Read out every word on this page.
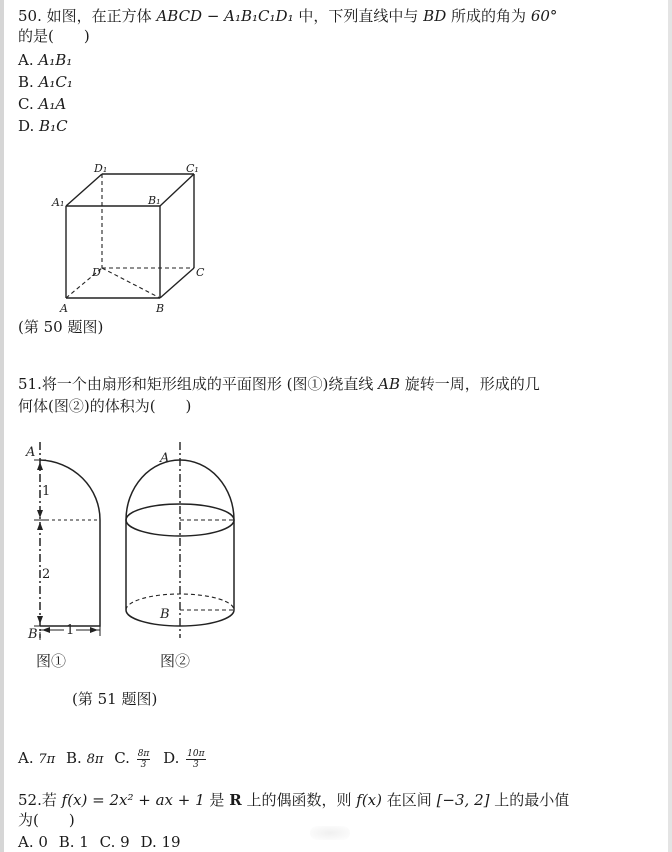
50. 如图，在正方体 ABCD − A₁B₁C₁D₁ 中，下列直线中与 BD 所成的角为 60°
的是(　　)
A. A₁B₁
B. A₁C₁
C. A₁A
D. B₁C
D₁	C₁
A₁	B₁
D	C
A	B
(第 50 题图)
51.将一个由扇形和矩形组成的平面图形 (图①)绕直线 AB 旋转一周，形成的几
何体(图②)的体积为(　　)
A
B
1
2
1
图①
A
B
图②
(第 51 题图)
A. 7π B. 8π C. $\frac{8\pi}{3} D$. $\frac{10\pi}{3}$
52.若 f(x) = 2x² + ax + 1 是 R 上的偶函数，则 f(x) 在区间 [−3, 2] 上的最小值
为(　　)
A. 0 B. 1 C. 9 D. 19
